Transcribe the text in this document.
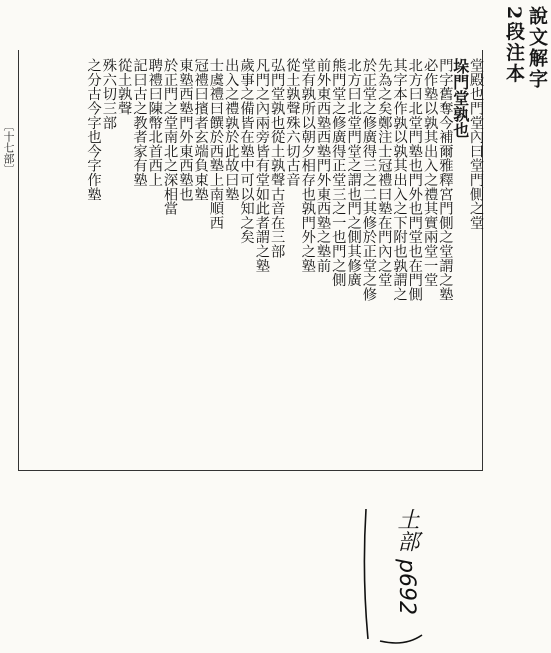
說文解字
2段注本
堂殿也門堂內曰堂門側之堂
垛門堂孰也
門字舊奪今補爾雅釋宮門側之堂謂之塾
必作塾以孰其出入之禮其實兩堂一堂
北方曰北堂門塾也門外也門堂也在門側
其字本作孰以孰其出入之下附也孰謂之
先為之矣鄭注士冠禮曰塾在門內之堂
於正堂之修廣得三之二其修於正堂之修
北方曰北堂門堂之謂也門之側其修廣
熊門堂之修廣得正堂三之一也門之側
前外東西塾西塾門外東西塾之塾前
堂有孰所以朝夕相存也孰門外之塾
從土孰聲殊六切古音
弘門堂孰也從土孰聲古音在三部
凡門之內兩旁皆有堂如此者謂之塾
歲事之備皆在塾中可以知之矣
出入之禮孰於此故曰塾
士虞禮曰饌於西塾上南順西
冠禮曰擯者玄端負東塾
東塾西塾門外東西塾也
於正門之堂南北之深相當
聘禮曰陳幣北首西上
記曰古之教者家有塾
從土孰聲
殊六切三部
之分古今字也今字作塾
〔十七部〕
土部 p692
